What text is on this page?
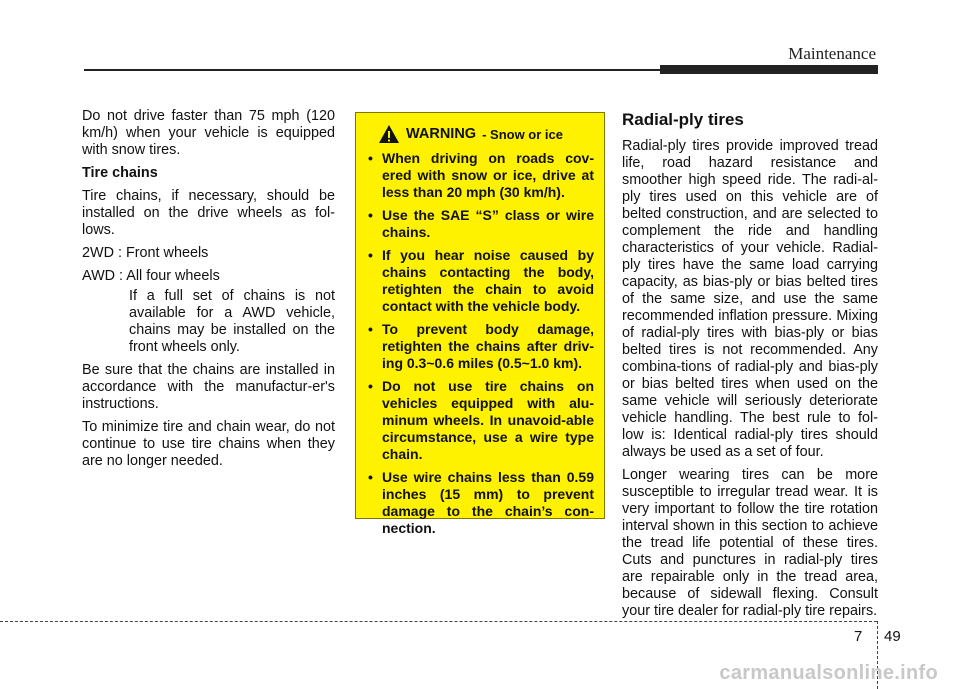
Maintenance

Do not drive faster than 75 mph (120 km/h) when your vehicle is equipped with snow tires.

Tire chains

Tire chains, if necessary, should be installed on the drive wheels as fol-lows.

2WD : Front wheels

AWD : All four wheels

If a full set of chains is not available for a AWD vehicle, chains may be installed on the front wheels only.

Be sure that the chains are installed in accordance with the manufactur-er's instructions.

To minimize tire and chain wear, do not continue to use tire chains when they are no longer needed.

WARNING - Snow or ice
• When driving on roads cov-ered with snow or ice, drive at less than 20 mph (30 km/h).
• Use the SAE “S” class or wire chains.
• If you hear noise caused by chains contacting the body, retighten the chain to avoid contact with the vehicle body.
• To prevent body damage, retighten the chains after driv-ing 0.3~0.6 miles (0.5~1.0 km).
• Do not use tire chains on vehicles equipped with alu-minum wheels. In unavoid-able circumstance, use a wire type chain.
• Use wire chains less than 0.59 inches (15 mm) to prevent damage to the chain’s con-nection.
Radial-ply tires

Radial-ply tires provide improved tread life, road hazard resistance and smoother high speed ride. The radi-al-ply tires used on this vehicle are of belted construction, and are selected to complement the ride and handling characteristics of your vehicle. Radial-ply tires have the same load carrying capacity, as bias-ply or bias belted tires of the same size, and use the same recommended inflation pressure. Mixing of radial-ply tires with bias-ply or bias belted tires is not recommended. Any combina-tions of radial-ply and bias-ply or bias belted tires when used on the same vehicle will seriously deteriorate vehicle handling. The best rule to fol-low is: Identical radial-ply tires should always be used as a set of four.

Longer wearing tires can be more susceptible to irregular tread wear. It is very important to follow the tire rotation interval shown in this section to achieve the tread life potential of these tires. Cuts and punctures in radial-ply tires are repairable only in the tread area, because of sidewall flexing. Consult your tire dealer for radial-ply tire repairs.

7 49
carmanualsonline.info
